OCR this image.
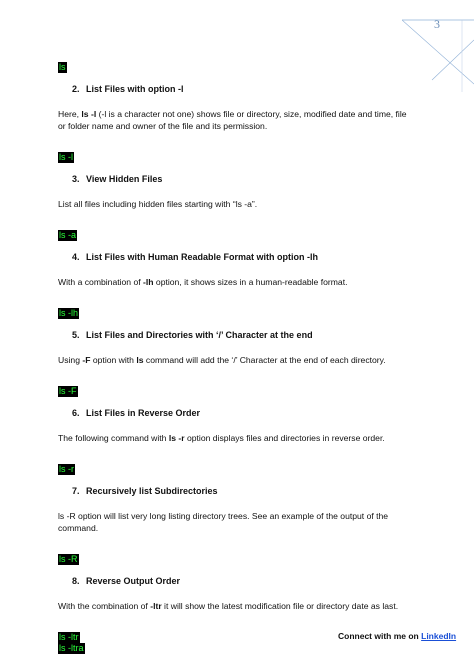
3
ls
2. List Files with option -l
Here, ls -l (-l is a character not one) shows file or directory, size, modified date and time, file or folder name and owner of the file and its permission.
ls -l
3. View Hidden Files
List all files including hidden files starting with “ls -a”.
ls -a
4. List Files with Human Readable Format with option -lh
With a combination of -lh option, it shows sizes in a human-readable format.
ls -lh
5. List Files and Directories with ‘/’ Character at the end
Using -F option with ls command will add the ‘/’ Character at the end of each directory.
ls -F
6. List Files in Reverse Order
The following command with ls -r option displays files and directories in reverse order.
ls -r
7. Recursively list Subdirectories
ls -R option will list very long listing directory trees. See an example of the output of the command.
ls -R
8. Reverse Output Order
With the combination of -ltr it will show the latest modification file or directory date as last.
ls -ltr
ls -ltra
Connect with me on LinkedIn
